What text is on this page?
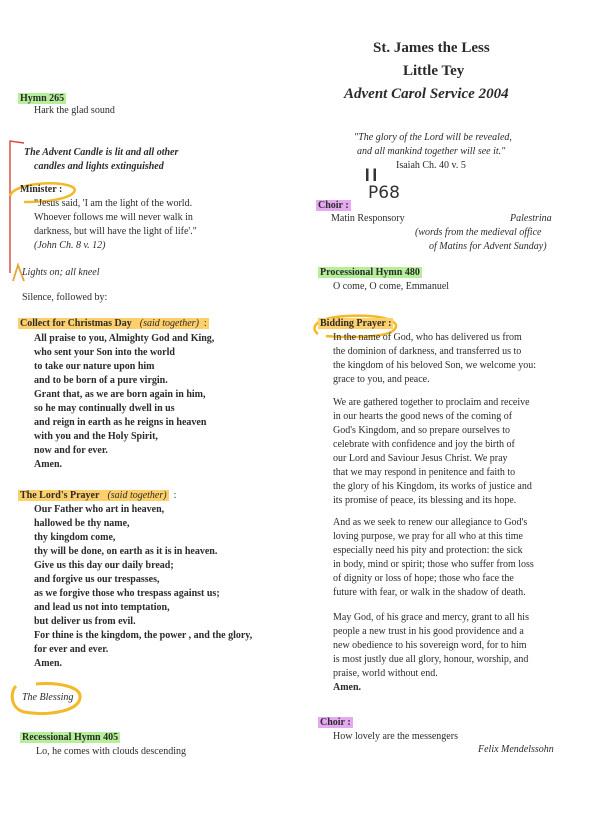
St. James the Less
Little Tey
Advent Carol Service 2004
"The glory of the Lord will be revealed,
and all mankind together will see it."
Isaiah Ch. 40 v. 5
II
P68
Hymn 265
Hark the glad sound
The Advent Candle is lit and all other
candles and lights extinguished
Minister :
"Jesus said, 'I am the light of the world.
Whoever follows me will never walk in
darkness, but will have the light of life'."
(John Ch. 8 v. 12)
Lights on; all kneel
Silence, followed by:
Collect for Christmas Day (said together) :
All praise to you, Almighty God and King,
who sent your Son into the world
to take our nature upon him
and to be born of a pure virgin.
Grant that, as we are born again in him,
so he may continually dwell in us
and reign in earth as he reigns in heaven
with you and the Holy Spirit,
now and for ever.
Amen.
The Lord's Prayer (said together) :
Our Father who art in heaven,
hallowed be thy name,
thy kingdom come,
thy will be done, on earth as it is in heaven.
Give us this day our daily bread;
and forgive us our trespasses,
as we forgive those who trespass against us;
and lead us not into temptation,
but deliver us from evil.
For thine is the kingdom, the power , and the glory,
for ever and ever.
Amen.
The Blessing
Recessional Hymn 405
Lo, he comes with clouds descending
Choir :
Matin Responsory	Palestrina
(words from the medieval office
of Matins for Advent Sunday)
Processional Hymn 480
O come, O come, Emmanuel
Bidding Prayer :
In the name of God, who has delivered us from
the dominion of darkness, and transferred us to
the kingdom of his beloved Son, we welcome you:
grace to you, and peace.
We are gathered together to proclaim and receive
in our hearts the good news of the coming of
God's Kingdom, and so prepare ourselves to
celebrate with confidence and joy the birth of
our Lord and Saviour Jesus Christ. We pray
that we may respond in penitence and faith to
the glory of his Kingdom, its works of justice and
its promise of peace, its blessing and its hope.
And as we seek to renew our allegiance to God's
loving purpose, we pray for all who at this time
especially need his pity and protection: the sick
in body, mind or spirit; those who suffer from loss
of dignity or loss of hope; those who face the
future with fear, or walk in the shadow of death.
May God, of his grace and mercy, grant to all his
people a new trust in his good providence and a
new obedience to his sovereign word, for to him
is most justly due all glory, honour, worship, and
praise, world without end.
Amen.
Choir :
How lovely are the messengers
Felix Mendelssohn
